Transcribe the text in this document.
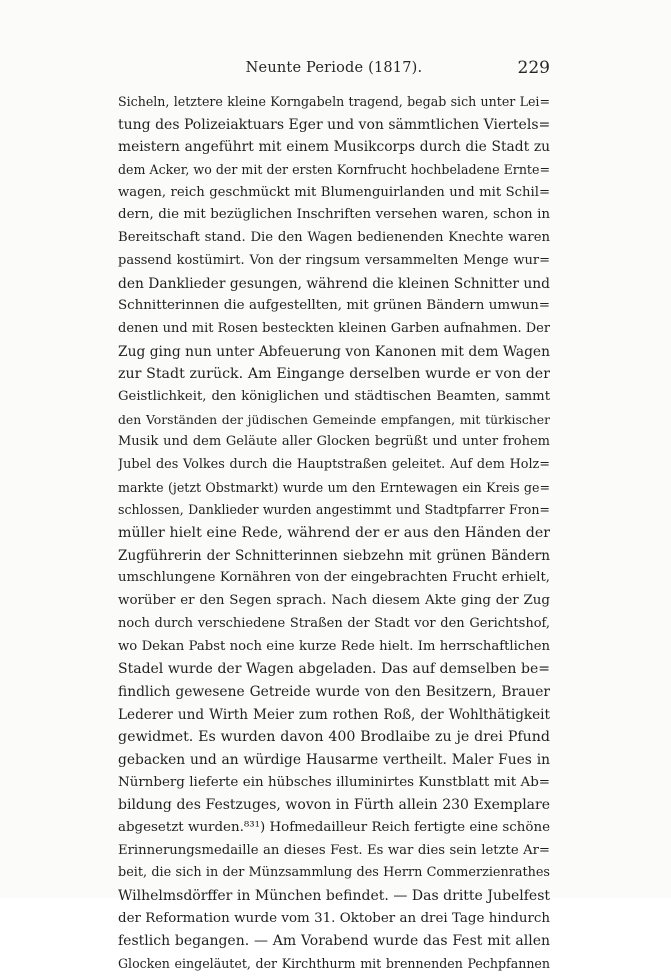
Neunte Periode (1817).	229
Sicheln, letztere kleine Korngabeln tragend, begab sich unter Lei=
tung des Polizeiaktuars Eger und von sämmtlichen Viertels=
meistern angeführt mit einem Musikcorps durch die Stadt zu
dem Acker, wo der mit der ersten Kornfrucht hochbeladene Ernte=
wagen, reich geschmückt mit Blumenguirlanden und mit Schil=
dern, die mit bezüglichen Inschriften versehen waren, schon in
Bereitschaft stand. Die den Wagen bedienenden Knechte waren
passend kostümirt. Von der ringsum versammelten Menge wur=
den Danklieder gesungen, während die kleinen Schnitter und
Schnitterinnen die aufgestellten, mit grünen Bändern umwun=
denen und mit Rosen besteckten kleinen Garben aufnahmen. Der
Zug ging nun unter Abfeuerung von Kanonen mit dem Wagen
zur Stadt zurück. Am Eingange derselben wurde er von der
Geistlichkeit, den königlichen und städtischen Beamten, sammt
den Vorständen der jüdischen Gemeinde empfangen, mit türkischer
Musik und dem Geläute aller Glocken begrüßt und unter frohem
Jubel des Volkes durch die Hauptstraßen geleitet. Auf dem Holz=
markte (jetzt Obstmarkt) wurde um den Erntewagen ein Kreis ge=
schlossen, Danklieder wurden angestimmt und Stadtpfarrer Fron=
müller hielt eine Rede, während der er aus den Händen der
Zugführerin der Schnitterinnen siebzehn mit grünen Bändern
umschlungene Kornähren von der eingebrachten Frucht erhielt,
worüber er den Segen sprach. Nach diesem Akte ging der Zug
noch durch verschiedene Straßen der Stadt vor den Gerichtshof,
wo Dekan Pabst noch eine kurze Rede hielt. Im herrschaftlichen
Stadel wurde der Wagen abgeladen. Das auf demselben be=
findlich gewesene Getreide wurde von den Besitzern, Brauer
Lederer und Wirth Meier zum rothen Roß, der Wohlthätigkeit
gewidmet. Es wurden davon 400 Brodlaibe zu je drei Pfund
gebacken und an würdige Hausarme vertheilt. Maler Fues in
Nürnberg lieferte ein hübsches illuminirtes Kunstblatt mit Ab=
bildung des Festzuges, wovon in Fürth allein 230 Exemplare
abgesetzt wurden.⁸³¹) Hofmedailleur Reich fertigte eine schöne
Erinnerungsmedaille an dieses Fest. Es war dies sein letzte Ar=
beit, die sich in der Münzsammlung des Herrn Commerzienrathes
Wilhelmsdörffer in München befindet. — Das dritte Jubelfest
der Reformation wurde vom 31. Oktober an drei Tage hindurch
festlich begangen. — Am Vorabend wurde das Fest mit allen
Glocken eingeläutet, der Kirchthurm mit brennenden Pechpfannen
